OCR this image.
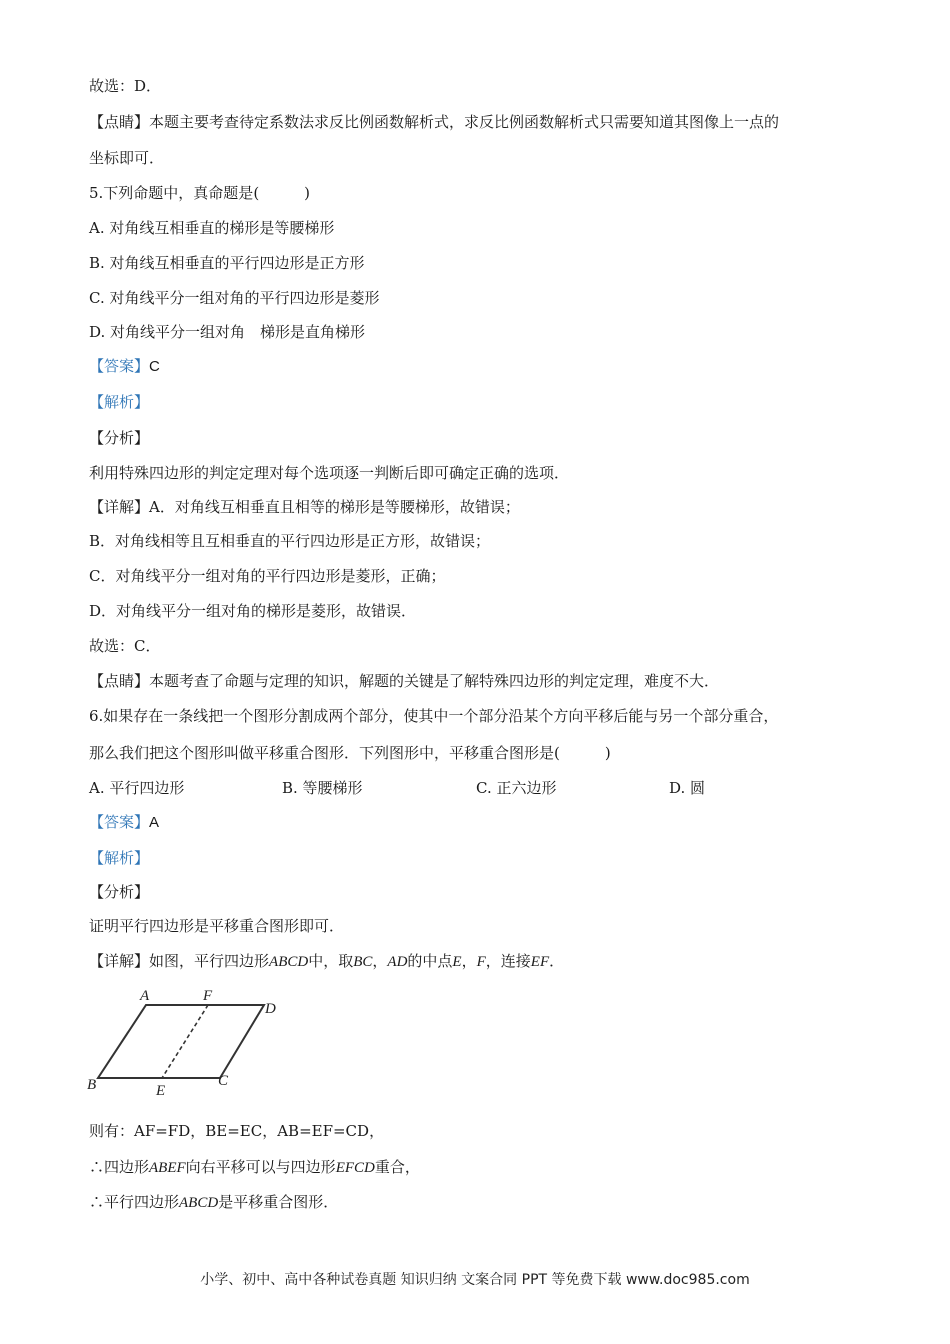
故选：D．
【点睛】本题主要考查待定系数法求反比例函数解析式，求反比例函数解析式只需要知道其图像上一点的
坐标即可．
5.下列命题中，真命题是(　　　)
A. 对角线互相垂直的梯形是等腰梯形
B. 对角线互相垂直的平行四边形是正方形
C. 对角线平分一组对角的平行四边形是菱形
D. 对角线平分一组对角　梯形是直角梯形
【答案】C
【解析】
【分析】
利用特殊四边形的判定定理对每个选项逐一判断后即可确定正确的选项．
【详解】A．对角线互相垂直且相等的梯形是等腰梯形，故错误；
B．对角线相等且互相垂直的平行四边形是正方形，故错误；
C．对角线平分一组对角的平行四边形是菱形，正确；
D．对角线平分一组对角的梯形是菱形，故错误．
故选：C．
【点睛】本题考查了命题与定理的知识，解题的关键是了解特殊四边形的判定定理，难度不大．
6.如果存在一条线把一个图形分割成两个部分，使其中一个部分沿某个方向平移后能与另一个部分重合，
那么我们把这个图形叫做平移重合图形．下列图形中，平移重合图形是(　　　)
A. 平行四边形	B. 等腰梯形	C. 正六边形	D. 圆
【答案】A
【解析】
【分析】
证明平行四边形是平移重合图形即可．
【详解】如图，平行四边形ABCD中，取BC，AD的中点E，F，连接EF．
A	F
D
B	E
C
则有：AF=FD，BE=EC，AB=EF=CD，
∴四边形ABEF向右平移可以与四边形EFCD重合，
∴平行四边形ABCD是平移重合图形．
小学、初中、高中各种试卷真题 知识归纳 文案合同 PPT 等免费下载 www.doc985.com
